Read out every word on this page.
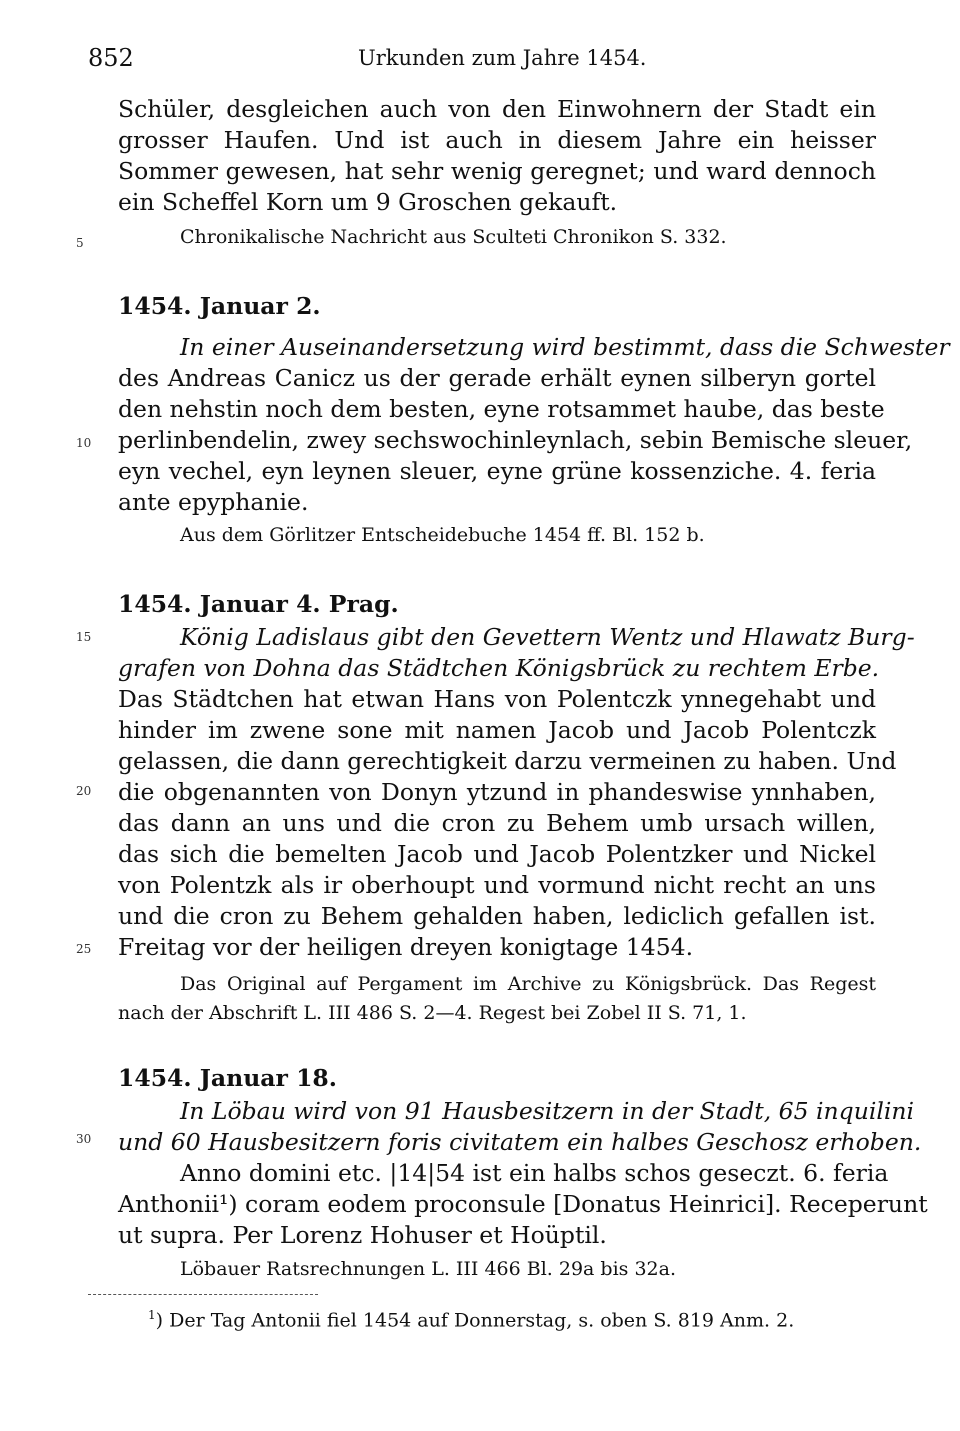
852	Urkunden zum Jahre 1454.
Schüler, desgleichen auch von den Einwohnern der Stadt ein
grosser Haufen. Und ist auch in diesem Jahre ein heisser
Sommer gewesen, hat sehr wenig geregnet; und ward dennoch
ein Scheffel Korn um 9 Groschen gekauft.
Chronikalische Nachricht aus Sculteti Chronikon S. 332.
5
10
15
20
25
30
1454. Januar 2.
In einer Auseinandersetzung wird bestimmt, dass die Schwester
des Andreas Canicz us der gerade erhält eynen silberyn gortel
den nehstin noch dem besten, eyne rotsammet haube, das beste
perlinbendelin, zwey sechswochinleynlach, sebin Bemische sleuer,
eyn vechel, eyn leynen sleuer, eyne grüne kossenziche. 4. feria
ante epyphanie.
Aus dem Görlitzer Entscheidebuche 1454 ff. Bl. 152 b.
1454. Januar 4. Prag.
König Ladislaus gibt den Gevettern Wentz und Hlawatz Burg-
grafen von Dohna das Städtchen Königsbrück zu rechtem Erbe.
Das Städtchen hat etwan Hans von Polentczk ynnegehabt und
hinder im zwene sone mit namen Jacob und Jacob Polentczk
gelassen, die dann gerechtigkeit darzu vermeinen zu haben. Und
die obgenannten von Donyn ytzund in phandeswise ynnhaben,
das dann an uns und die cron zu Behem umb ursach willen,
das sich die bemelten Jacob und Jacob Polentzker und Nickel
von Polentzk als ir oberhoupt und vormund nicht recht an uns
und die cron zu Behem gehalden haben, lediclich gefallen ist.
Freitag vor der heiligen dreyen konigtage 1454.
Das Original auf Pergament im Archive zu Königsbrück. Das Regest
nach der Abschrift L. III 486 S. 2—4. Regest bei Zobel II S. 71, 1.
1454. Januar 18.
In Löbau wird von 91 Hausbesitzern in der Stadt, 65 inquilini
und 60 Hausbesitzern foris civitatem ein halbes Geschosz erhoben.
Anno domini etc. |14|54 ist ein halbs schos geseczt. 6. feria
Anthonii¹) coram eodem proconsule [Donatus Heinrici]. Receperunt
ut supra. Per Lorenz Hohuser et Hoüptil.
Löbauer Ratsrechnungen L. III 466 Bl. 29a bis 32a.
$^1$) Der Tag Antonii fiel 1454 auf Donnerstag, s. oben S. 819 Anm. 2.
